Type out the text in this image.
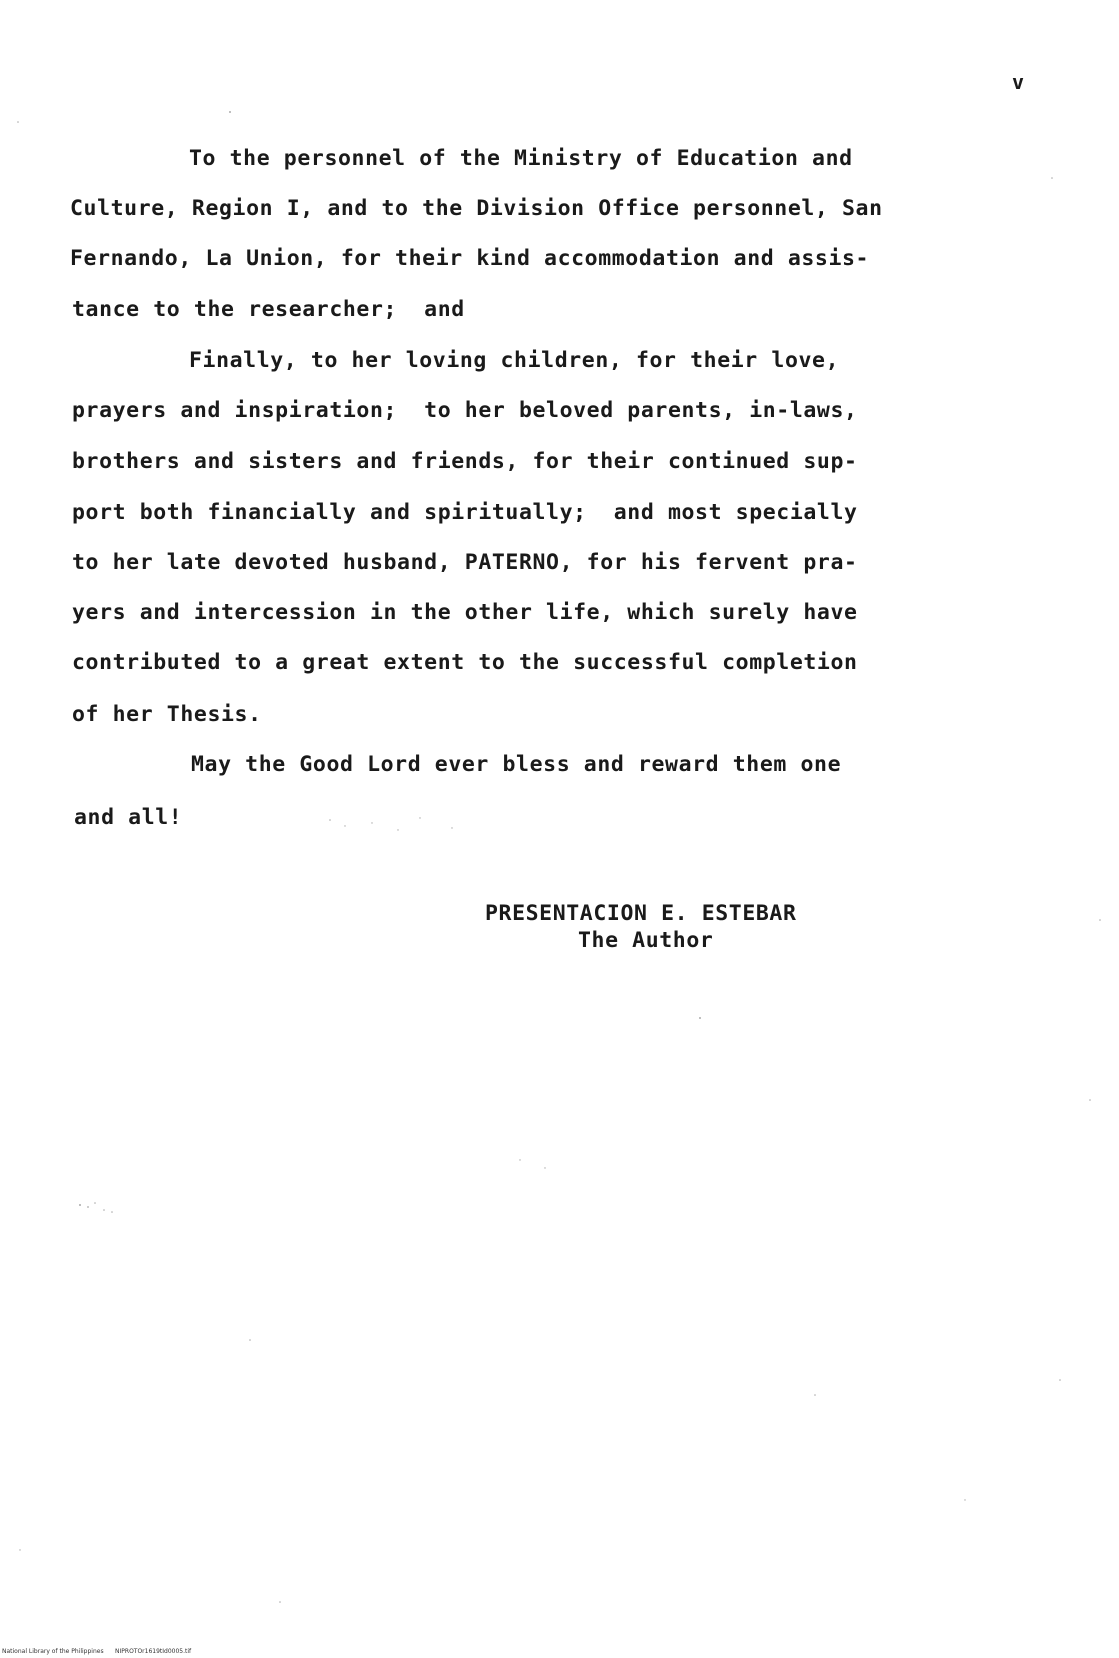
v
To the personnel of the Ministry of Education and
Culture, Region I, and to the Division Office personnel, San
Fernando, La Union, for their kind accommodation and assis-
tance to the researcher;  and
Finally, to her loving children, for their love,
prayers and inspiration;  to her beloved parents, in-laws,
brothers and sisters and friends, for their continued sup-
port both financially and spiritually;  and most specially
to her late devoted husband, PATERNO, for his fervent pra-
yers and intercession in the other life, which surely have
contributed to a great extent to the successful completion
of her Thesis.
May the Good Lord ever bless and reward them one
and all!
PRESENTACION E. ESTEBAR
The Author
National Library of the Philippines NIPROTOr1619tId0005.tif
